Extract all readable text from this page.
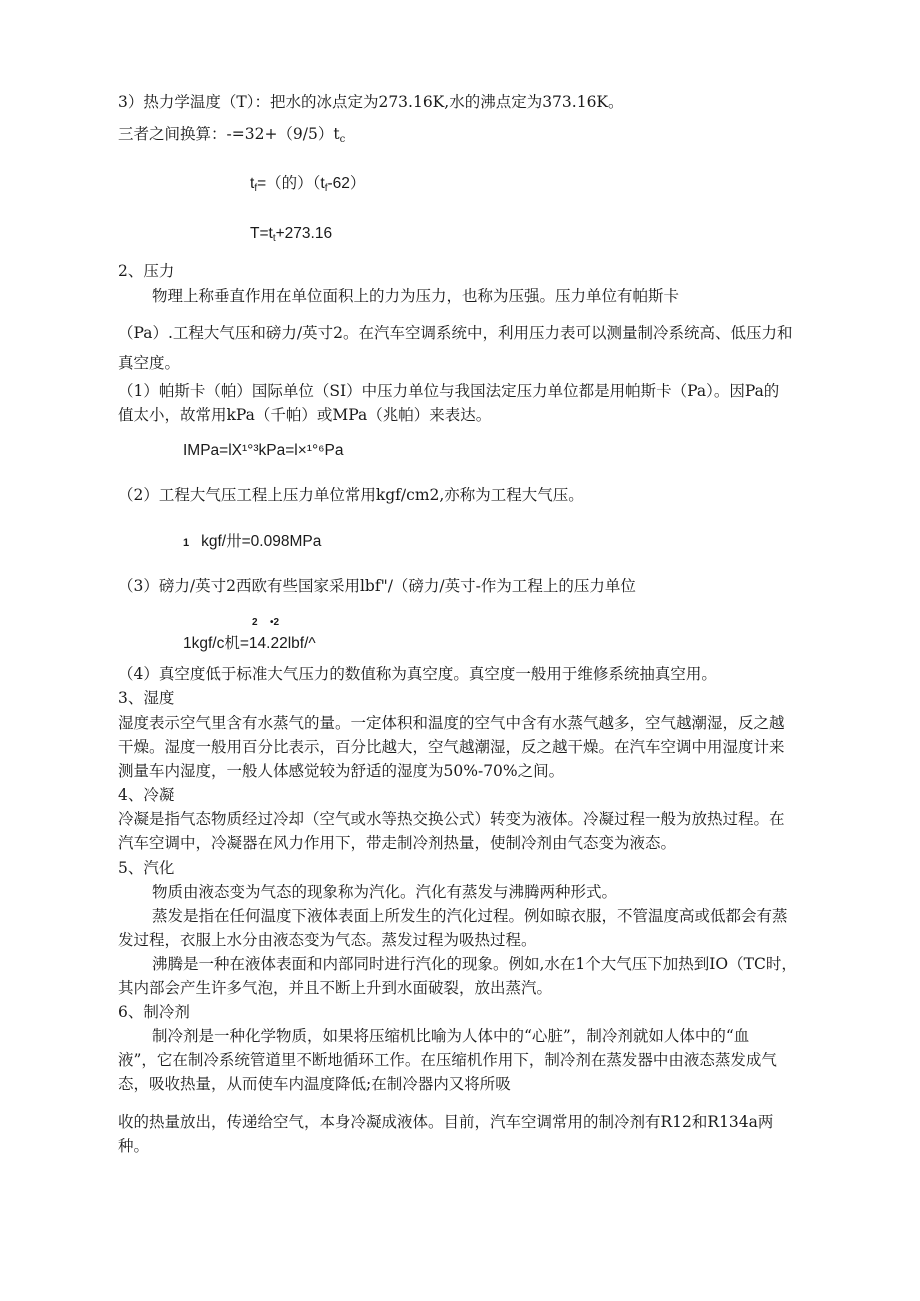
3）热力学温度（T）：把水的冰点定为273.16K,水的沸点定为373.16K。
三者之间换算：$-=32+(9/5)t_c$
$t_f=$（的）$(t_f-62)$
$T=t_t+273.16$
2、压力
物理上称垂直作用在单位面积上的力为压力，也称为压强。压力单位有帕斯卡
（Pa）.工程大气压和磅力/英寸2。在汽车空调系统中，利用压力表可以测量制冷系统高、低压力和
真空度。
（1）帕斯卡（帕）国际单位（SI）中压力单位与我国法定压力单位都是用帕斯卡（Pa）。因Pa的
值太小，故常用kPa（千帕）或MPa（兆帕）来表达。
IMPa=lX¹°³kPa=l×¹°⁶Pa
（2）工程大气压工程上压力单位常用kgf∕cm2,亦称为工程大气压。
1 kgf/卅=0.098MPa
（3）磅力/英寸2西欧有些国家采用lbf"/（磅力/英寸-作为工程上的压力单位
2 •2
1kgf/c机=14.22lbf/^
（4）真空度低于标准大气压力的数值称为真空度。真空度一般用于维修系统抽真空用。
3、湿度
湿度表示空气里含有水蒸气的量。一定体积和温度的空气中含有水蒸气越多，空气越潮湿，反之越
干燥。湿度一般用百分比表示，百分比越大，空气越潮湿，反之越干燥。在汽车空调中用湿度计来
测量车内湿度，一般人体感觉较为舒适的湿度为50%-70%之间。
4、冷凝
冷凝是指气态物质经过冷却（空气或水等热交换公式）转变为液体。冷凝过程一般为放热过程。在
汽车空调中，冷凝器在风力作用下，带走制冷剂热量，使制冷剂由气态变为液态。
5、汽化
物质由液态变为气态的现象称为汽化。汽化有蒸发与沸腾两种形式。
蒸发是指在任何温度下液体表面上所发生的汽化过程。例如晾衣服，不管温度高或低都会有蒸
发过程，衣服上水分由液态变为气态。蒸发过程为吸热过程。
沸腾是一种在液体表面和内部同时进行汽化的现象。例如,水在1个大气压下加热到IO（TC时，
其内部会产生许多气泡，并且不断上升到水面破裂，放出蒸汽。
6、制冷剂
制冷剂是一种化学物质，如果将压缩机比喻为人体中的“心脏”，制冷剂就如人体中的“血
液”，它在制冷系统管道里不断地循环工作。在压缩机作用下，制冷剂在蒸发器中由液态蒸发成气
态，吸收热量，从而使车内温度降低;在制冷器内又将所吸
收的热量放出，传递给空气，本身冷凝成液体。目前，汽车空调常用的制冷剂有R12和R134a两
种。
